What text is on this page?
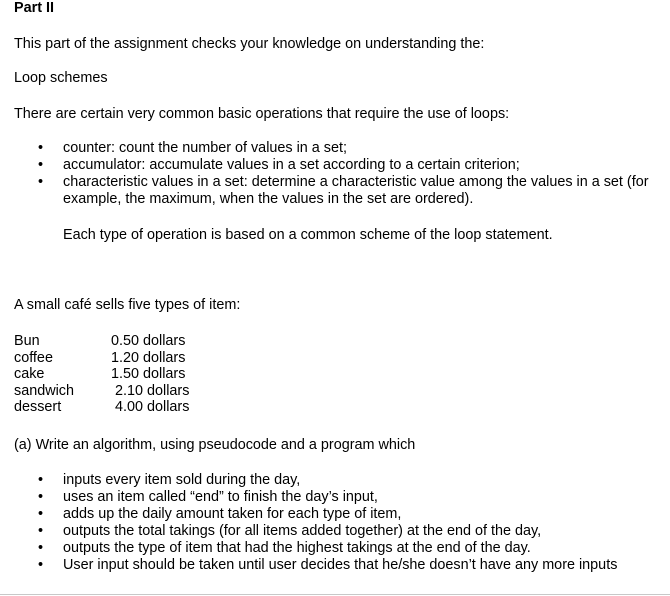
Part II
This part of the assignment checks your knowledge on understanding the:
Loop schemes
There are certain very common basic operations that require the use of loops:
• counter: count the number of values in a set;
• accumulator: accumulate values in a set according to a certain criterion;
• characteristic values in a set: determine a characteristic value among the values in a set (for example, the maximum, when the values in the set are ordered).
Each type of operation is based on a common scheme of the loop statement.
A small café sells five types of item:
Bun	0.50 dollars
coffee	1.20 dollars
cake	1.50 dollars
sandwich	2.10 dollars
dessert	4.00 dollars
(a) Write an algorithm, using pseudocode and a program which
• inputs every item sold during the day,
• uses an item called “end” to finish the day’s input,
• adds up the daily amount taken for each type of item,
• outputs the total takings (for all items added together) at the end of the day,
• outputs the type of item that had the highest takings at the end of the day.
• User input should be taken until user decides that he/she doesn’t have any more inputs
